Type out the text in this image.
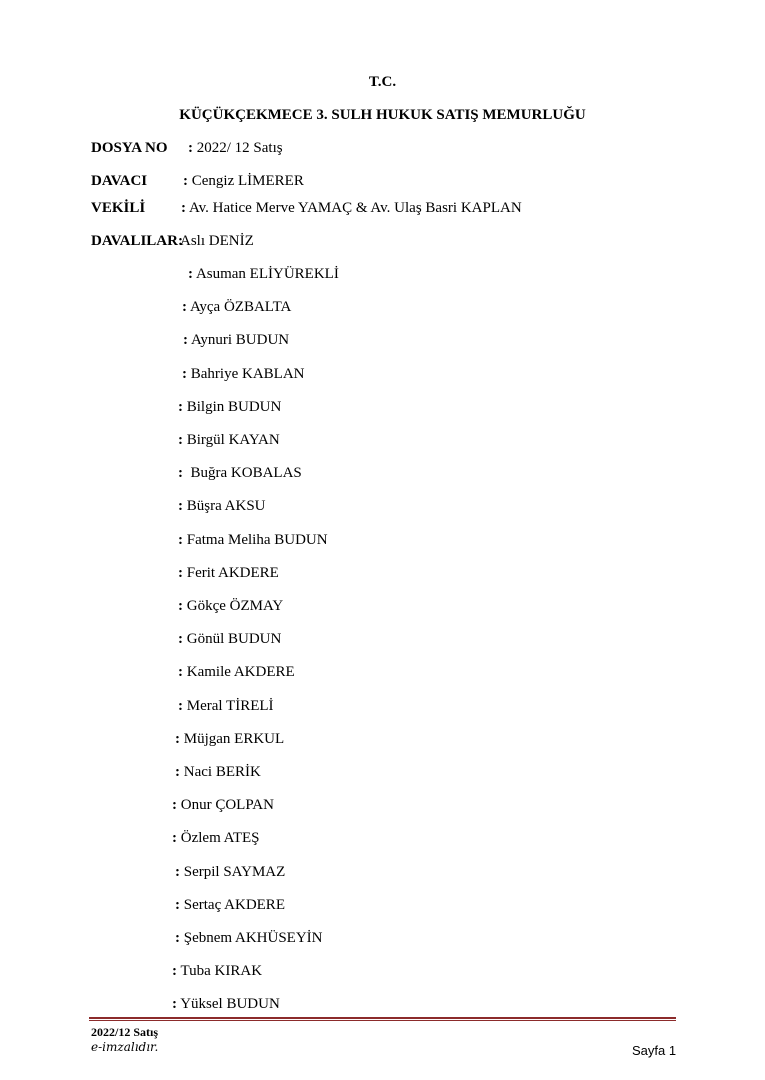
T.C.
KÜÇÜKÇEKMECE 3. SULH HUKUK SATIŞ MEMURLUĞU
DOSYA NO : 2022/ 12 Satış
DAVACI : Cengiz LİMERER
VEKİLİ : Av. Hatice Merve YAMAÇ & Av. Ulaş Basri KAPLAN
DAVALILAR:
Aslı DENİZ
: Asuman ELİYÜREKLİ
: Ayça ÖZBALTA
: Aynuri BUDUN
: Bahriye KABLAN
: Bilgin BUDUN
: Birgül KAYAN
: Buğra KOBALAS
: Büşra AKSU
: Fatma Meliha BUDUN
: Ferit AKDERE
: Gökçe ÖZMAY
: Gönül BUDUN
: Kamile AKDERE
: Meral TİRELİ
: Müjgan ERKUL
: Naci BERİK
: Onur ÇOLPAN
: Özlem ATEŞ
: Serpil SAYMAZ
: Sertaç AKDERE
: Şebnem AKHÜSEYİN
: Tuba KIRAK
: Yüksel BUDUN
2022/12 Satış
e-imzalıdır.	Sayfa 1
